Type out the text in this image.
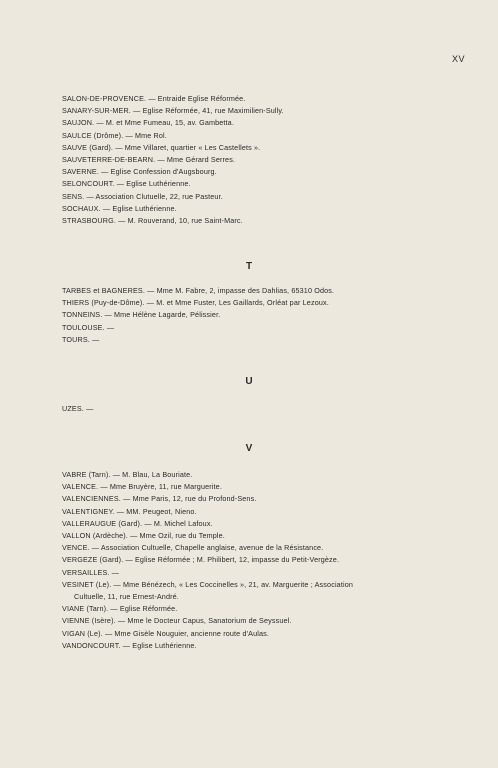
XV
SALON-DE-PROVENCE. — Entraide Eglise Réformée.
SANARY-SUR-MER. — Eglise Réformée, 41, rue Maximilien-Sully.
SAUJON. — M. et Mme Fumeau, 15, av. Gambetta.
SAULCE (Drôme). — Mme Rol.
SAUVE (Gard). — Mme Villaret, quartier « Les Castellets ».
SAUVETERRE-DE-BEARN. — Mme Gérard Serres.
SAVERNE. — Eglise Confession d'Augsbourg.
SELONCOURT. — Eglise Luthérienne.
SENS. — Association Clutuelle, 22, rue Pasteur.
SOCHAUX. — Eglise Luthérienne.
STRASBOURG. — M. Rouverand, 10, rue Saint-Marc.
T
TARBES et BAGNERES. — Mme M. Fabre, 2, impasse des Dahlias, 65310 Odos.
THIERS (Puy-de-Dôme). — M. et Mme Fuster, Les Gaillards, Orléat par Lezoux.
TONNEINS. — Mme Hélène Lagarde, Pélissier.
TOULOUSE. —
TOURS. —
U
UZES. —
V
VABRE (Tarn). — M. Blau, La Bouriate.
VALENCE. — Mme Bruyère, 11, rue Marguerite.
VALENCIENNES. — Mme Paris, 12, rue du Profond-Sens.
VALENTIGNEY. — MM. Peugeot, Nieno.
VALLERAUGUE (Gard). — M. Michel Lafoux.
VALLON (Ardèche). — Mme Ozil, rue du Temple.
VENCE. — Association Cultuelle, Chapelle anglaise, avenue de la Résistance.
VERGEZE (Gard). — Eglise Réformée ; M. Philibert, 12, impasse du Petit-Vergèze.
VERSAILLES. —
VESINET (Le). — Mme Bénézech, « Les Coccinelles », 21, av. Marguerite ; Association
Cultuelle, 11, rue Ernest-André.
VIANE (Tarn). — Eglise Réformée.
VIENNE (Isère). — Mme le Docteur Capus, Sanatorium de Seyssuel.
VIGAN (Le). — Mme Gisèle Nouguier, ancienne route d'Aulas.
VANDONCOURT. — Eglise Luthérienne.
